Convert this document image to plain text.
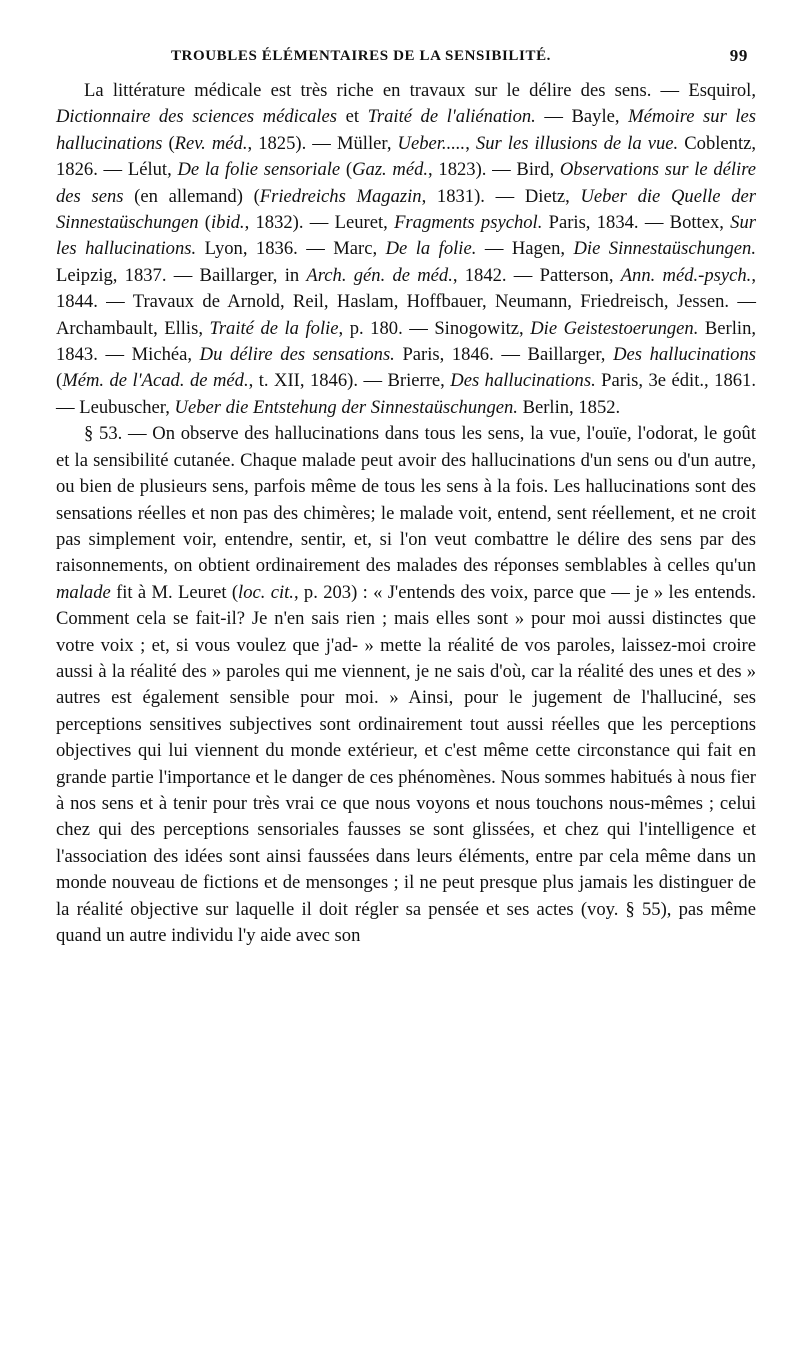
TROUBLES ÉLÉMENTAIRES DE LA SENSIBILITÉ.	99

La littérature médicale est très riche en travaux sur le délire des sens. — Esquirol, Dictionnaire des sciences médicales et Traité de l'aliénation. — Bayle, Mémoire sur les hallucinations (Rev. méd., 1825). — Müller, Ueber....., Sur les illusions de la vue. Coblentz, 1826. — Lélut, De la folie sensoriale (Gaz. méd., 1823). — Bird, Observations sur le délire des sens (en allemand) (Friedreichs Magazin, 1831). — Dietz, Ueber die Quelle der Sinnestaüschungen (ibid., 1832). — Leuret, Fragments psychol. Paris, 1834. — Bottex, Sur les hallucinations. Lyon, 1836. — Marc, De la folie. — Hagen, Die Sinnestaüschungen. Leipzig, 1837. — Baillarger, in Arch. gén. de méd., 1842. — Patterson, Ann. méd.-psych., 1844. — Travaux de Arnold, Reil, Haslam, Hoffbauer, Neumann, Friedreisch, Jessen. — Archambault, Ellis, Traité de la folie, p. 180. — Sinogowitz, Die Geistestoerungen. Berlin, 1843. — Michéa, Du délire des sensations. Paris, 1846. — Baillarger, Des hallucinations (Mém. de l'Acad. de méd., t. XII, 1846). — Brierre, Des hallucinations. Paris, 3e édit., 1861. — Leubuscher, Ueber die Entstehung der Sinnestaüschungen. Berlin, 1852.

§ 53. — On observe des hallucinations dans tous les sens, la vue, l'ouïe, l'odorat, le goût et la sensibilité cutanée. Chaque malade peut avoir des hallucinations d'un sens ou d'un autre, ou bien de plusieurs sens, parfois même de tous les sens à la fois. Les hallucinations sont des sensations réelles et non pas des chimères; le malade voit, entend, sent réellement, et ne croit pas simplement voir, entendre, sentir, et, si l'on veut combattre le délire des sens par des raisonnements, on obtient ordinairement des malades des réponses semblables à celles qu'un malade fit à M. Leuret (loc. cit., p. 203) : « J'entends des voix, parce que — je » les entends. Comment cela se fait-il? Je n'en sais rien ; mais elles sont » pour moi aussi distinctes que votre voix ; et, si vous voulez que j'ad- » mette la réalité de vos paroles, laissez-moi croire aussi à la réalité des » paroles qui me viennent, je ne sais d'où, car la réalité des unes et des » autres est également sensible pour moi. » Ainsi, pour le jugement de l'halluciné, ses perceptions sensitives subjectives sont ordinairement tout aussi réelles que les perceptions objectives qui lui viennent du monde extérieur, et c'est même cette circonstance qui fait en grande partie l'importance et le danger de ces phénomènes. Nous sommes habitués à nous fier à nos sens et à tenir pour très vrai ce que nous voyons et nous touchons nous-mêmes ; celui chez qui des perceptions sensoriales fausses se sont glissées, et chez qui l'intelligence et l'association des idées sont ainsi faussées dans leurs éléments, entre par cela même dans un monde nouveau de fictions et de mensonges ; il ne peut presque plus jamais les distinguer de la réalité objective sur laquelle il doit régler sa pensée et ses actes (voy. § 55), pas même quand un autre individu l'y aide avec son
